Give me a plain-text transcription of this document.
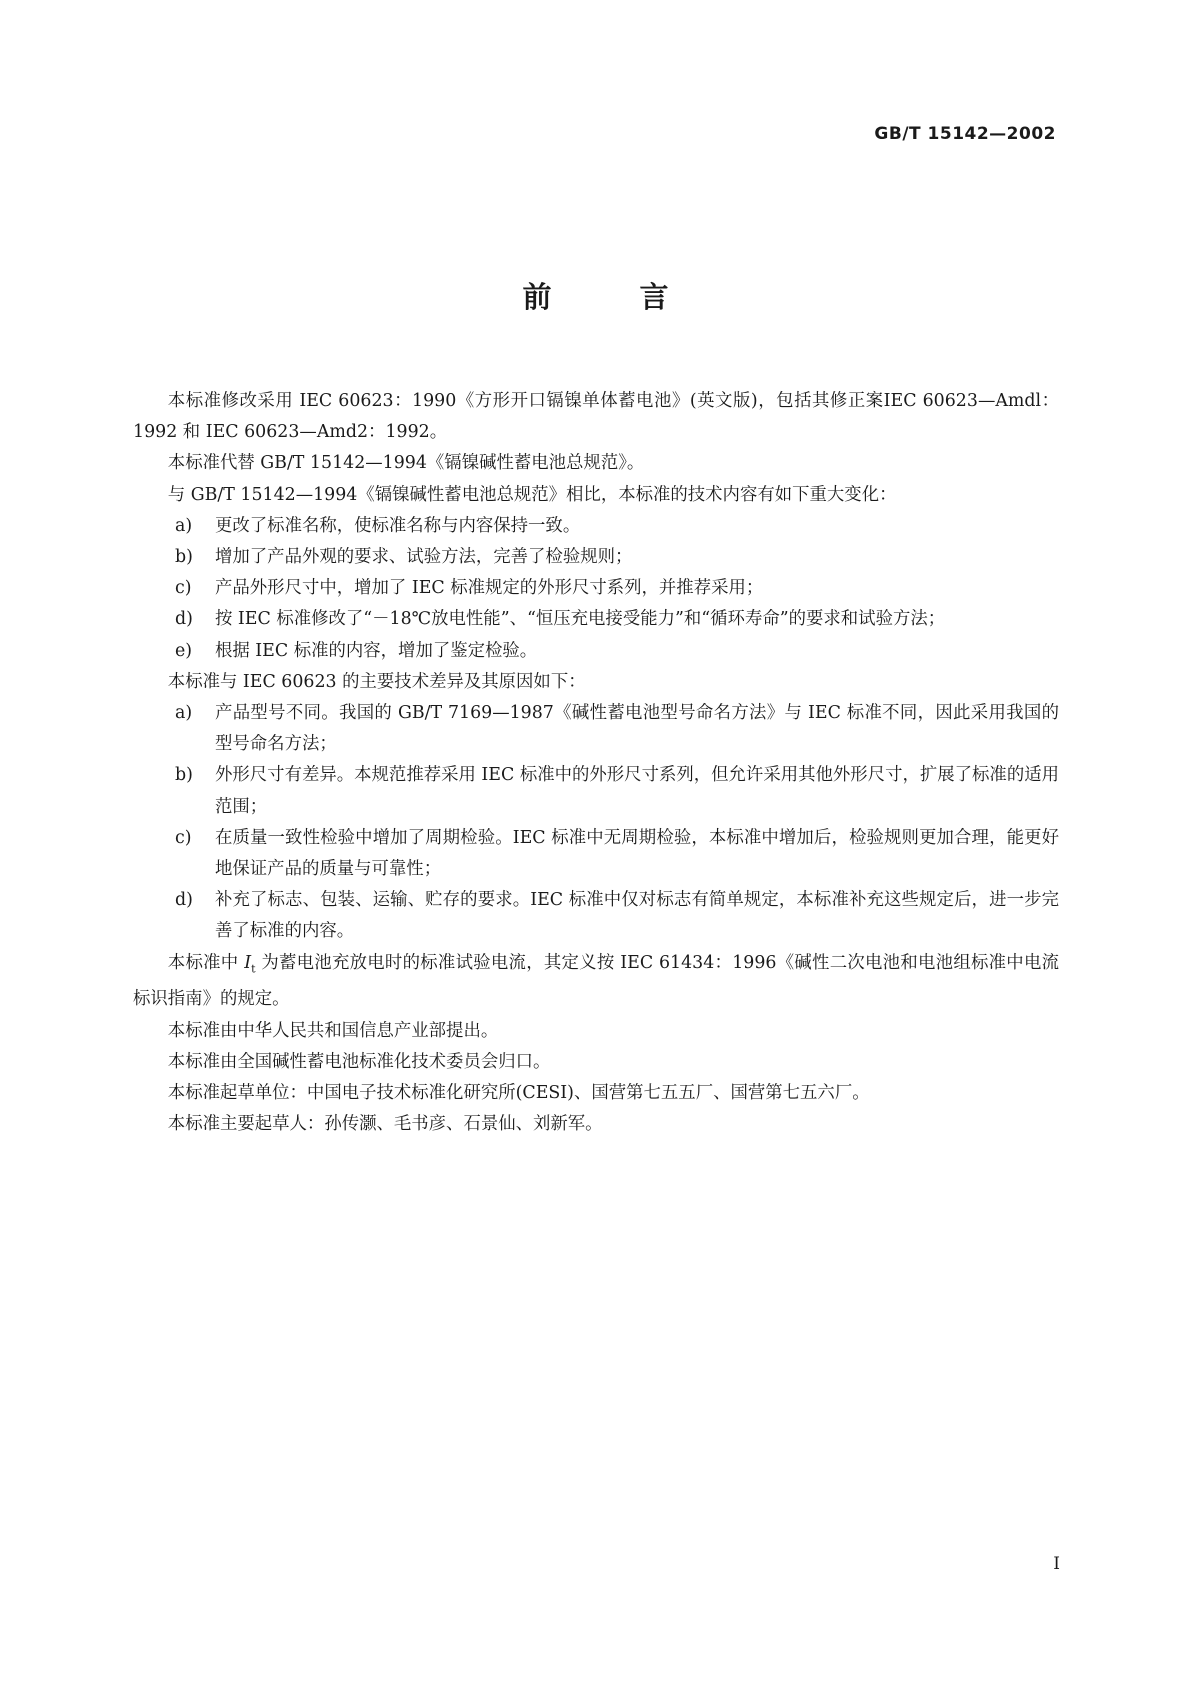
GB/T 15142—2002
前	言

本标准修改采用 IEC 60623：1990《方形开口镉镍单体蓄电池》(英文版)，包括其修正案IEC 60623—Amdl：1992 和 IEC 60623—Amd2：1992。

本标准代替 GB/T 15142—1994《镉镍碱性蓄电池总规范》。

与 GB/T 15142—1994《镉镍碱性蓄电池总规范》相比，本标准的技术内容有如下重大变化：

a)	更改了标准名称，使标准名称与内容保持一致。
b)	增加了产品外观的要求、试验方法，完善了检验规则；
c)	产品外形尺寸中，增加了 IEC 标准规定的外形尺寸系列，并推荐采用；
d)	按 IEC 标准修改了“－18℃放电性能”、“恒压充电接受能力”和“循环寿命”的要求和试验方法；
e)	根据 IEC 标准的内容，增加了鉴定检验。

本标准与 IEC 60623 的主要技术差异及其原因如下：

a)	产品型号不同。我国的 GB/T 7169—1987《碱性蓄电池型号命名方法》与 IEC 标准不同，因此采用我国的型号命名方法；
b)	外形尺寸有差异。本规范推荐采用 IEC 标准中的外形尺寸系列，但允许采用其他外形尺寸，扩展了标准的适用范围；
c)	在质量一致性检验中增加了周期检验。IEC 标准中无周期检验，本标准中增加后，检验规则更加合理，能更好地保证产品的质量与可靠性；
d)	补充了标志、包装、运输、贮存的要求。IEC 标准中仅对标志有简单规定，本标准补充这些规定后，进一步完善了标准的内容。

本标准中 $I_t$ 为蓄电池充放电时的标准试验电流，其定义按 IEC 61434：1996《碱性二次电池和电池组标准中电流标识指南》的规定。

本标准由中华人民共和国信息产业部提出。

本标准由全国碱性蓄电池标准化技术委员会归口。

本标准起草单位：中国电子技术标准化研究所(CESI)、国营第七五五厂、国营第七五六厂。

本标准主要起草人：孙传灏、毛书彦、石景仙、刘新军。

I
